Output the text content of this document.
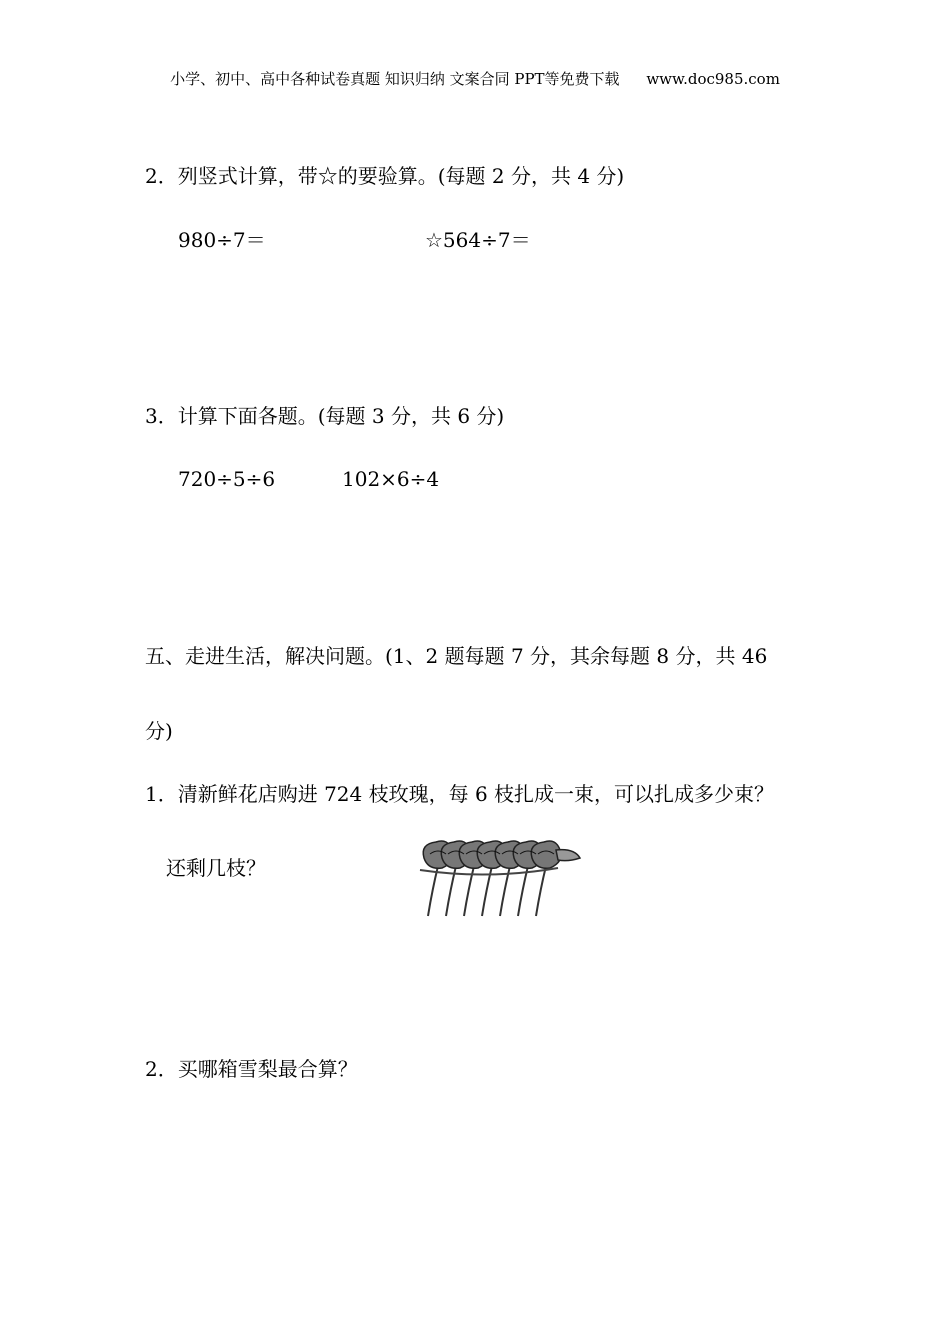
小学、初中、高中各种试卷真题 知识归纳 文案合同 PPT等免费下载 www.doc985.com
2．列竖式计算，带☆的要验算。(每题 2 分，共 4 分)
980÷7＝	☆564÷7＝
3．计算下面各题。(每题 3 分，共 6 分)
720÷5÷6	102×6÷4
五、走进生活，解决问题。(1、2 题每题 7 分，其余每题 8 分，共 46
分)
1．清新鲜花店购进 724 枝玫瑰，每 6 枝扎成一束，可以扎成多少束？
还剩几枝？
2．买哪箱雪梨最合算？
